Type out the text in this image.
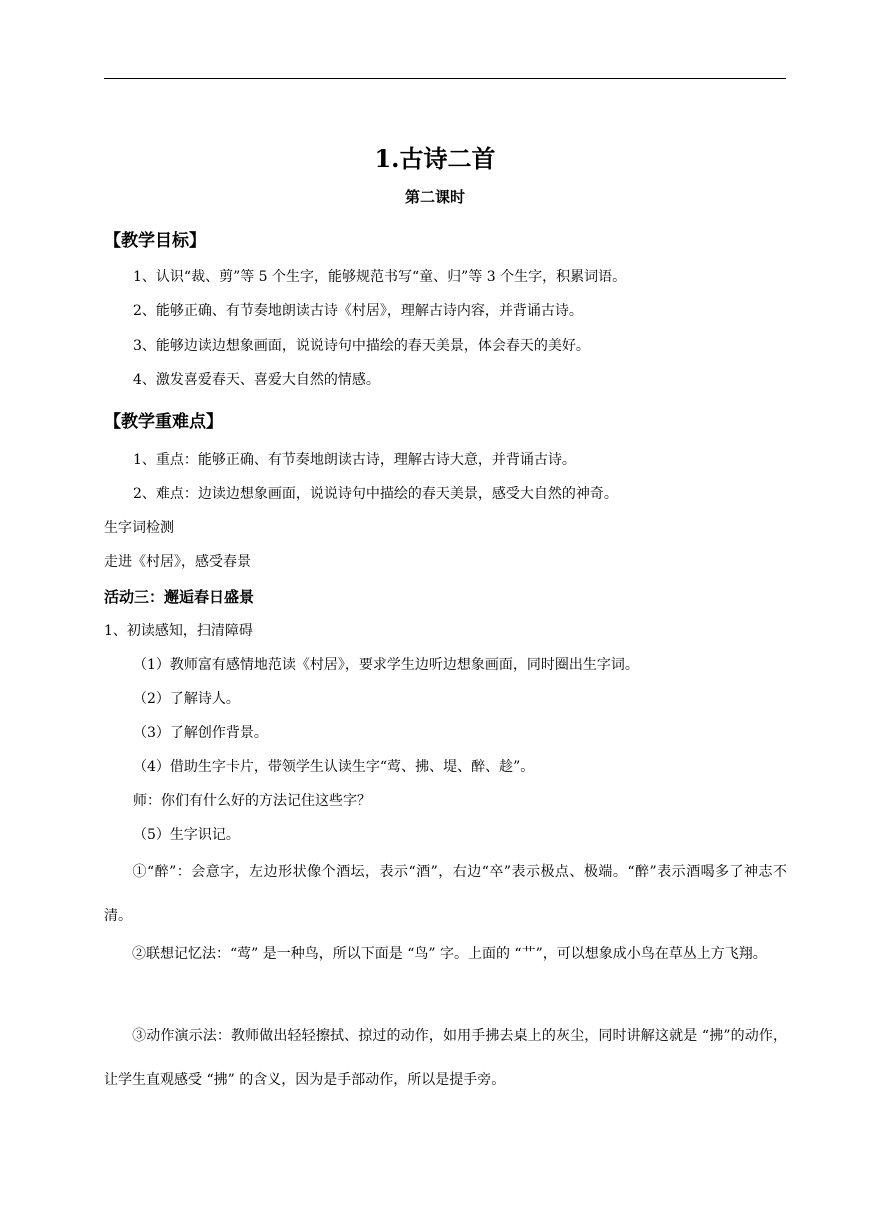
1.古诗二首
第二课时
【教学目标】
1、认识“裁、剪”等 5 个生字，能够规范书写“童、归”等 3 个生字，积累词语。
2、能够正确、有节奏地朗读古诗《村居》，理解古诗内容，并背诵古诗。
3、能够边读边想象画面，说说诗句中描绘的春天美景，体会春天的美好。
4、激发喜爱春天、喜爱大自然的情感。
【教学重难点】
1、重点：能够正确、有节奏地朗读古诗，理解古诗大意，并背诵古诗。
2、难点：边读边想象画面，说说诗句中描绘的春天美景，感受大自然的神奇。
生字词检测
走进《村居》，感受春景
活动三：邂逅春日盛景
1、初读感知，扫清障碍
（1）教师富有感情地范读《村居》，要求学生边听边想象画面，同时圈出生字词。
（2）了解诗人。
（3）了解创作背景。
（4）借助生字卡片，带领学生认读生字“莺、拂、堤、醉、趁”。
师：你们有什么好的方法记住这些字？
（5）生字识记。
①“醉”：会意字，左边形状像个酒坛，表示“酒”，右边“卒”表示极点、极端。“醉”表示酒喝多了神志不清。
②联想记忆法：“莺” 是一种鸟，所以下面是 “鸟” 字。上面的 “艹”，可以想象成小鸟在草丛上方飞翔。
③动作演示法：教师做出轻轻擦拭、掠过的动作，如用手拂去桌上的灰尘，同时讲解这就是 “拂”的动作，让学生直观感受 “拂” 的含义，因为是手部动作，所以是提手旁。
